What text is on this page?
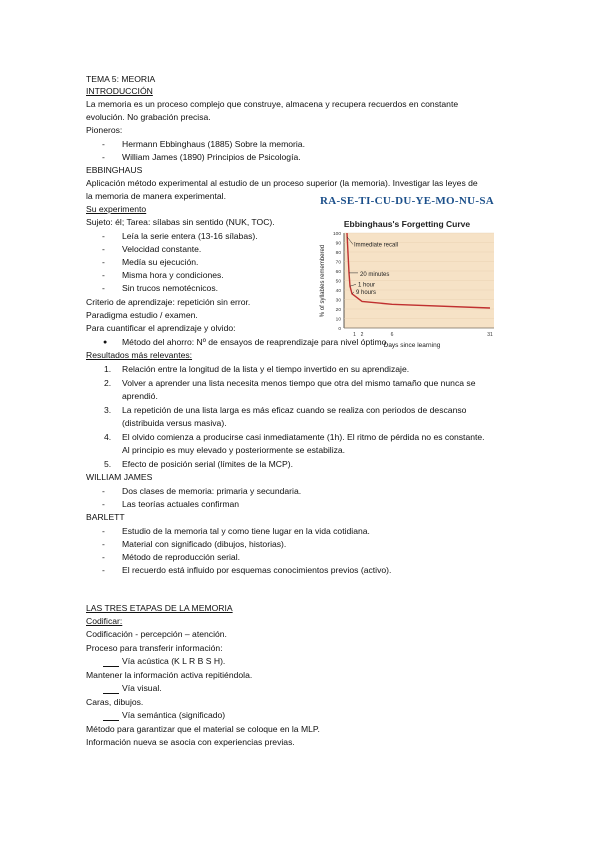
TEMA 5: MEORIA
INTRODUCCIÓN
La memoria es un proceso complejo que construye, almacena y recupera recuerdos en constante
evolución. No grabación precisa.
Pioneros:
- Hermann Ebbinghaus (1885) Sobre la memoria.
- William James (1890) Principios de Psicología.
EBBINGHAUS
Aplicación método experimental al estudio de un proceso superior (la memoria). Investigar las leyes de
la memoria de manera experimental.
Su experimento
Sujeto: él; Tarea: sílabas sin sentido (NUK, TOC).
- Leía la serie entera (13-16 sílabas).
- Velocidad constante.
- Medía su ejecución.
- Misma hora y condiciones.
- Sin trucos nemotécnicos.
Criterio de aprendizaje: repetición sin error.
Paradigma estudio / examen.
Para cuantificar el aprendizaje y olvido:
● Método del ahorro: Nº de ensayos de reaprendizaje para nivel óptimo.
Resultados más relevantes:
1. Relación entre la longitud de la lista y el tiempo invertido en su aprendizaje.
2. Volver a aprender una lista necesita menos tiempo que otra del mismo tamaño que nunca se
aprendió.
3. La repetición de una lista larga es más eficaz cuando se realiza con periodos de descanso
(distribuida versus masiva).
4. El olvido comienza a producirse casi inmediatamente (1h). El ritmo de pérdida no es constante.
Al principio es muy elevado y posteriormente se estabiliza.
5. Efecto de posición serial (límites de la MCP).
WILLIAM JAMES
- Dos clases de memoria: primaria y secundaria.
- Las teorías actuales confirman
BARLETT
- Estudio de la memoria tal y como tiene lugar en la vida cotidiana.
- Material con significado (dibujos, historias).
- Método de reproducción serial.
- El recuerdo está influido por esquemas conocimientos previos (activo).
LAS TRES ETAPAS DE LA MEMORIA
Codificar:
Codificación - percepción – atención.
Proceso para transferir información:
Vía acústica (K L R B S H).
Mantener la información activa repitiéndola.
Vía visual.
Caras, dibujos.
Vía semántica (significado)
Método para garantizar que el material se coloque en la MLP.
Información nueva se asocia con experiencias previas.
RA-SE-TI-CU-DU-YE-MO-NU-SA
Ebbinghaus's Forgetting Curve
100
90
80
70
60
50
40
30
20
10
0
1 2	6	31
Immediate recall
20 minutes
1 hour
9 hours
% of syllables remembered
Days since learning
